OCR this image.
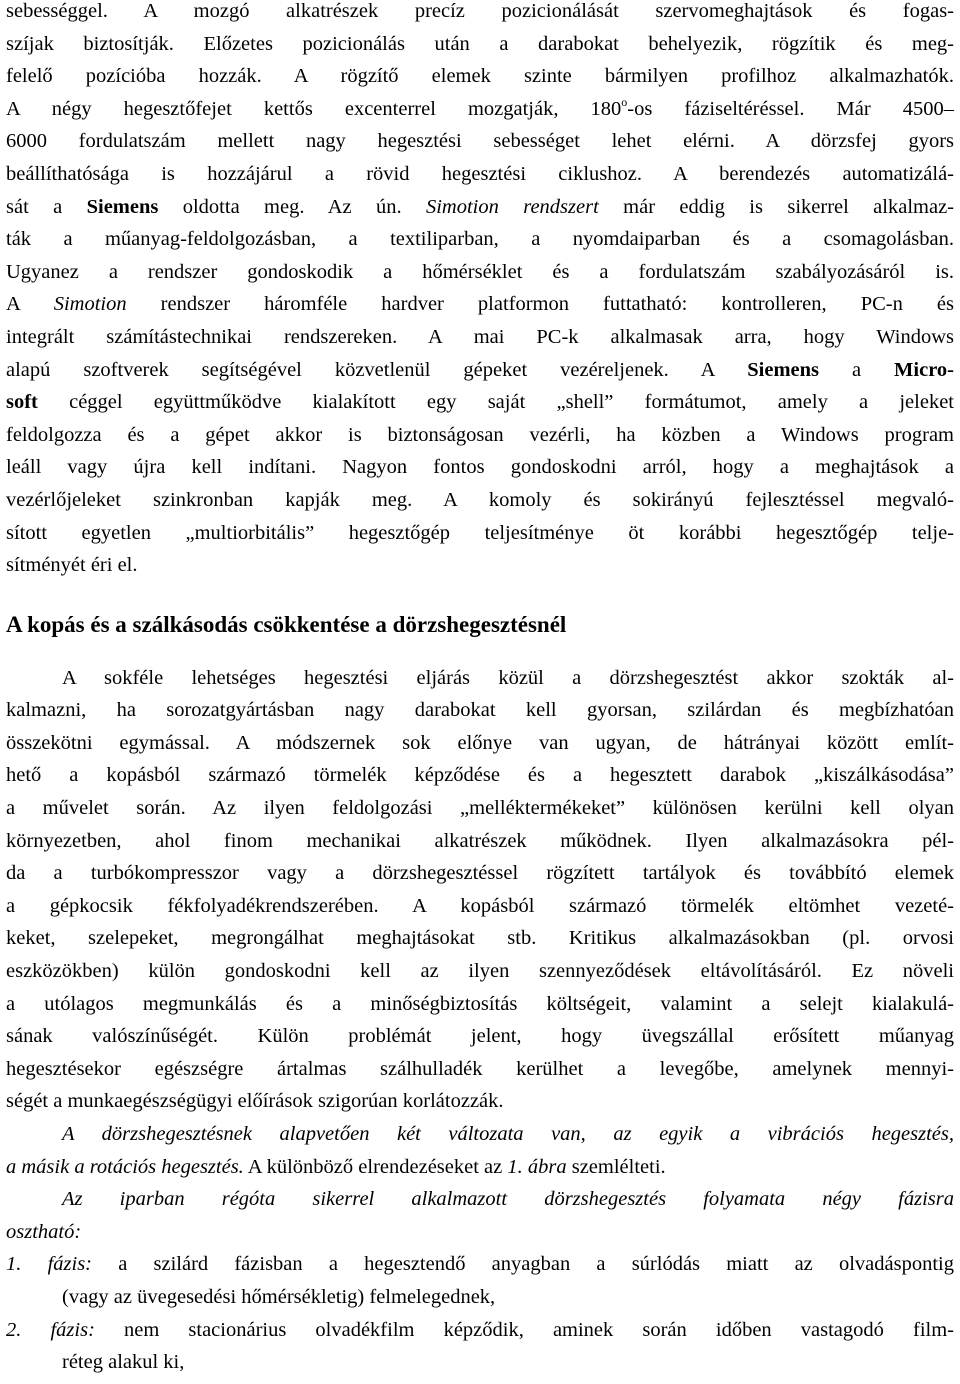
sebességgel. A mozgó alkatrészek precíz pozicionálását szervomeghajtások és fogas-
szíjak biztosítják. Előzetes pozicionálás után a darabokat behelyezik, rögzítik és meg-
felelő pozícióba hozzák. A rögzítő elemek szinte bármilyen profilhoz alkalmazhatók.
A négy hegesztőfejet kettős excenterrel mozgatják, 180$^o$-os fáziseltéréssel. Már 4500–
6000 fordulatszám mellett nagy hegesztési sebességet lehet elérni. A dörzsfej gyors
beállíthatósága is hozzájárul a rövid hegesztési ciklushoz. A berendezés automatizálá-
sát a Siemens oldotta meg. Az ún. Simotion rendszert már eddig is sikerrel alkalmaz-
ták a műanyag-feldolgozásban, a textiliparban, a nyomdaiparban és a csomagolásban.
Ugyanez a rendszer gondoskodik a hőmérséklet és a fordulatszám szabályozásáról is.
A Simotion rendszer háromféle hardver platformon futtatható: kontrolleren, PC-n és
integrált számítástechnikai rendszereken. A mai PC-k alkalmasak arra, hogy Windows
alapú szoftverek segítségével közvetlenül gépeket vezéreljenek. A Siemens a Micro-
soft céggel együttműködve kialakított egy saját „shell” formátumot, amely a jeleket
feldolgozza és a gépet akkor is biztonságosan vezérli, ha közben a Windows program
leáll vagy újra kell indítani. Nagyon fontos gondoskodni arról, hogy a meghajtások a
vezérlőjeleket szinkronban kapják meg. A komoly és sokirányú fejlesztéssel megvaló-
sított egyetlen „multiorbitális” hegesztőgép teljesítménye öt korábbi hegesztőgép telje-
sítményét éri el.
A kopás és a szálkásodás csökkentése a dörzshegesztésnél
A sokféle lehetséges hegesztési eljárás közül a dörzshegesztést akkor szokták al-
kalmazni, ha sorozatgyártásban nagy darabokat kell gyorsan, szilárdan és megbízhatóan
összekötni egymással. A módszernek sok előnye van ugyan, de hátrányai között említ-
hető a kopásból származó törmelék képződése és a hegesztett darabok „kiszálkásodása”
a művelet során. Az ilyen feldolgozási „melléktermékeket” különösen kerülni kell olyan
környezetben, ahol finom mechanikai alkatrészek működnek. Ilyen alkalmazásokra pél-
da a turbókompresszor vagy a dörzshegesztéssel rögzített tartályok és továbbító elemek
a gépkocsik fékfolyadékrendszerében. A kopásból származó törmelék eltömhet vezeté-
keket, szelepeket, megrongálhat meghajtásokat stb. Kritikus alkalmazásokban (pl. orvosi
eszközökben) külön gondoskodni kell az ilyen szennyeződések eltávolításáról. Ez növeli
a utólagos megmunkálás és a minőségbiztosítás költségeit, valamint a selejt kialakulá-
sának valószínűségét. Külön problémát jelent, hogy üvegszállal erősített műanyag
hegesztésekor egészségre ártalmas szálhulladék kerülhet a levegőbe, amelynek mennyi-
ségét a munkaegészségügyi előírások szigorúan korlátozzák.
A dörzshegesztésnek alapvetően két változata van, az egyik a vibrációs hegesztés,
a másik a rotációs hegesztés. A különböző elrendezéseket az 1. ábra szemlélteti.
Az iparban régóta sikerrel alkalmazott dörzshegesztés folyamata négy fázisra
osztható:
1. fázis: a szilárd fázisban a hegesztendő anyagban a súrlódás miatt az olvadáspontig
(vagy az üvegesedési hőmérsékletig) felmelegednek,
2. fázis: nem stacionárius olvadékfilm képződik, aminek során időben vastagodó film-
réteg alakul ki,
